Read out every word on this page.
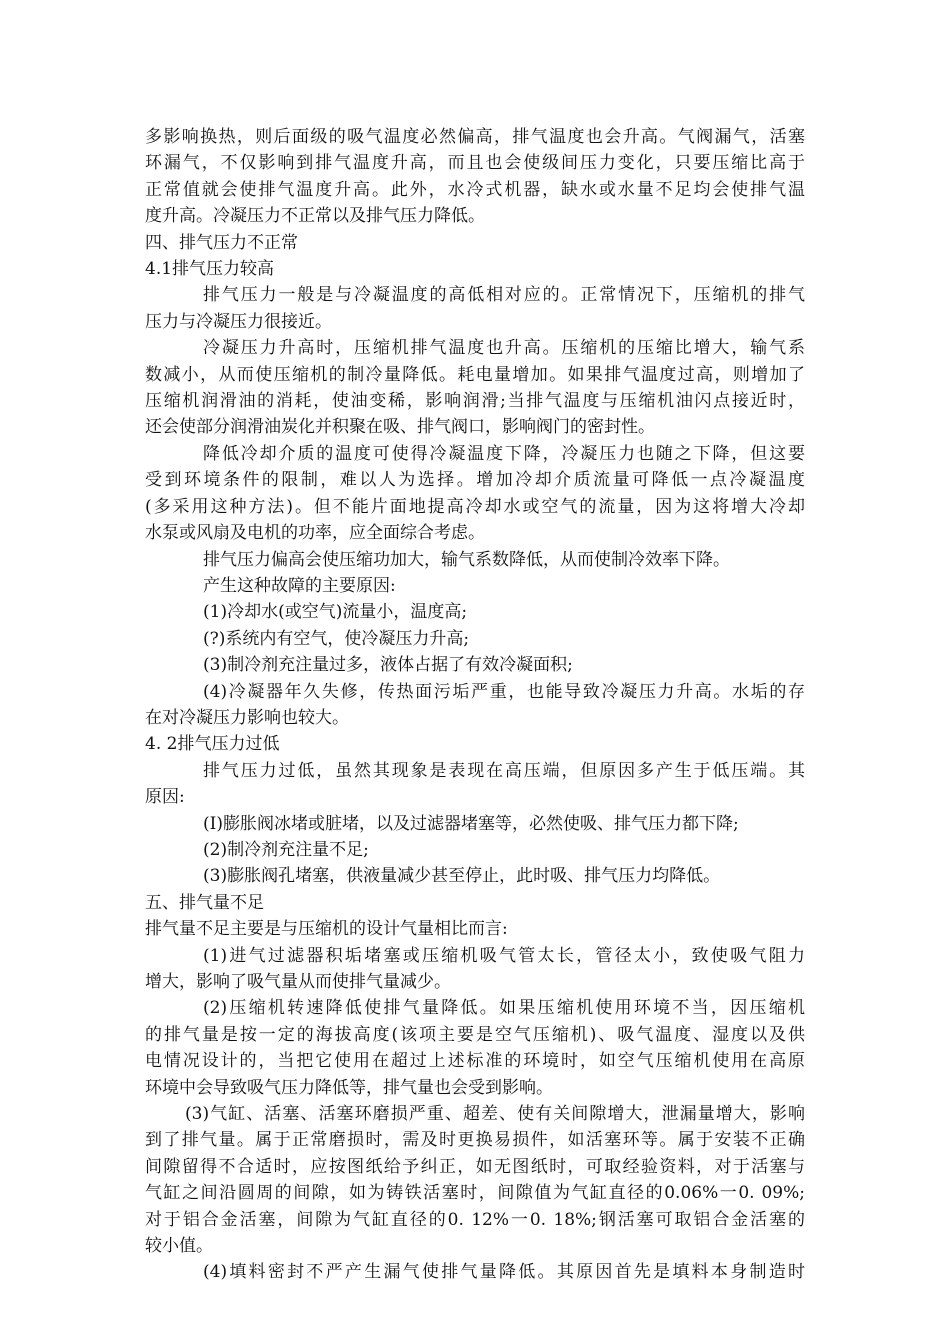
多影响换热，则后面级的吸气温度必然偏高，排气温度也会升高。气阀漏气，活塞
环漏气，不仅影响到排气温度升高，而且也会使级间压力变化，只要压缩比高于
正常值就会使排气温度升高。此外，水冷式机器，缺水或水量不足均会使排气温
度升高。冷凝压力不正常以及排气压力降低。
四、排气压力不正常
4.1排气压力较高
排气压力一般是与冷凝温度的高低相对应的。正常情况下，压缩机的排气
压力与冷凝压力很接近。
冷凝压力升高时，压缩机排气温度也升高。压缩机的压缩比增大，输气系
数减小，从而使压缩机的制冷量降低。耗电量增加。如果排气温度过高，则增加了
压缩机润滑油的消耗，使油变稀，影响润滑;当排气温度与压缩机油闪点接近时，
还会使部分润滑油炭化并积聚在吸、排气阀口，影响阀门的密封性。
降低冷却介质的温度可使得冷凝温度下降，冷凝压力也随之下降，但这要
受到环境条件的限制，难以人为选择。增加冷却介质流量可降低一点冷凝温度
(多采用这种方法)。但不能片面地提高冷却水或空气的流量，因为这将增大冷却
水泵或风扇及电机的功率，应全面综合考虑。
排气压力偏高会使压缩功加大，输气系数降低，从而使制冷效率下降。
产生这种故障的主要原因:
(1)冷却水(或空气)流量小，温度高;
(?)系统内有空气，使冷凝压力升高;
(3)制冷剂充注量过多，液体占据了有效冷凝面积;
(4)冷凝器年久失修，传热面污垢严重，也能导致冷凝压力升高。水垢的存
在对冷凝压力影响也较大。
4. 2排气压力过低
排气压力过低，虽然其现象是表现在高压端，但原因多产生于低压端。其
原因:
(I)膨胀阀冰堵或脏堵，以及过滤器堵塞等，必然使吸、排气压力都下降;
(2)制冷剂充注量不足;
(3)膨胀阀孔堵塞，供液量减少甚至停止，此时吸、排气压力均降低。
五、排气量不足
排气量不足主要是与压缩机的设计气量相比而言:
(1)进气过滤器积垢堵塞或压缩机吸气管太长，管径太小，致使吸气阻力
增大，影响了吸气量从而使排气量减少。
(2)压缩机转速降低使排气量降低。如果压缩机使用环境不当，因压缩机
的排气量是按一定的海拔高度(该项主要是空气压缩机)、吸气温度、湿度以及供
电情况设计的，当把它使用在超过上述标准的环境时，如空气压缩机使用在高原
环境中会导致吸气压力降低等，排气量也会受到影响。
(3)气缸、活塞、活塞环磨损严重、超差、使有关间隙增大，泄漏量增大，影响
到了排气量。属于正常磨损时，需及时更换易损件，如活塞环等。属于安装不正确
间隙留得不合适时，应按图纸给予纠正，如无图纸时，可取经验资料，对于活塞与
气缸之间沿圆周的间隙，如为铸铁活塞时，间隙值为气缸直径的0.06%一0. 09%;
对于铝合金活塞，间隙为气缸直径的0. 12%一0. 18%;钢活塞可取铝合金活塞的
较小值。
(4)填料密封不严产生漏气使排气量降低。其原因首先是填料本身制造时
